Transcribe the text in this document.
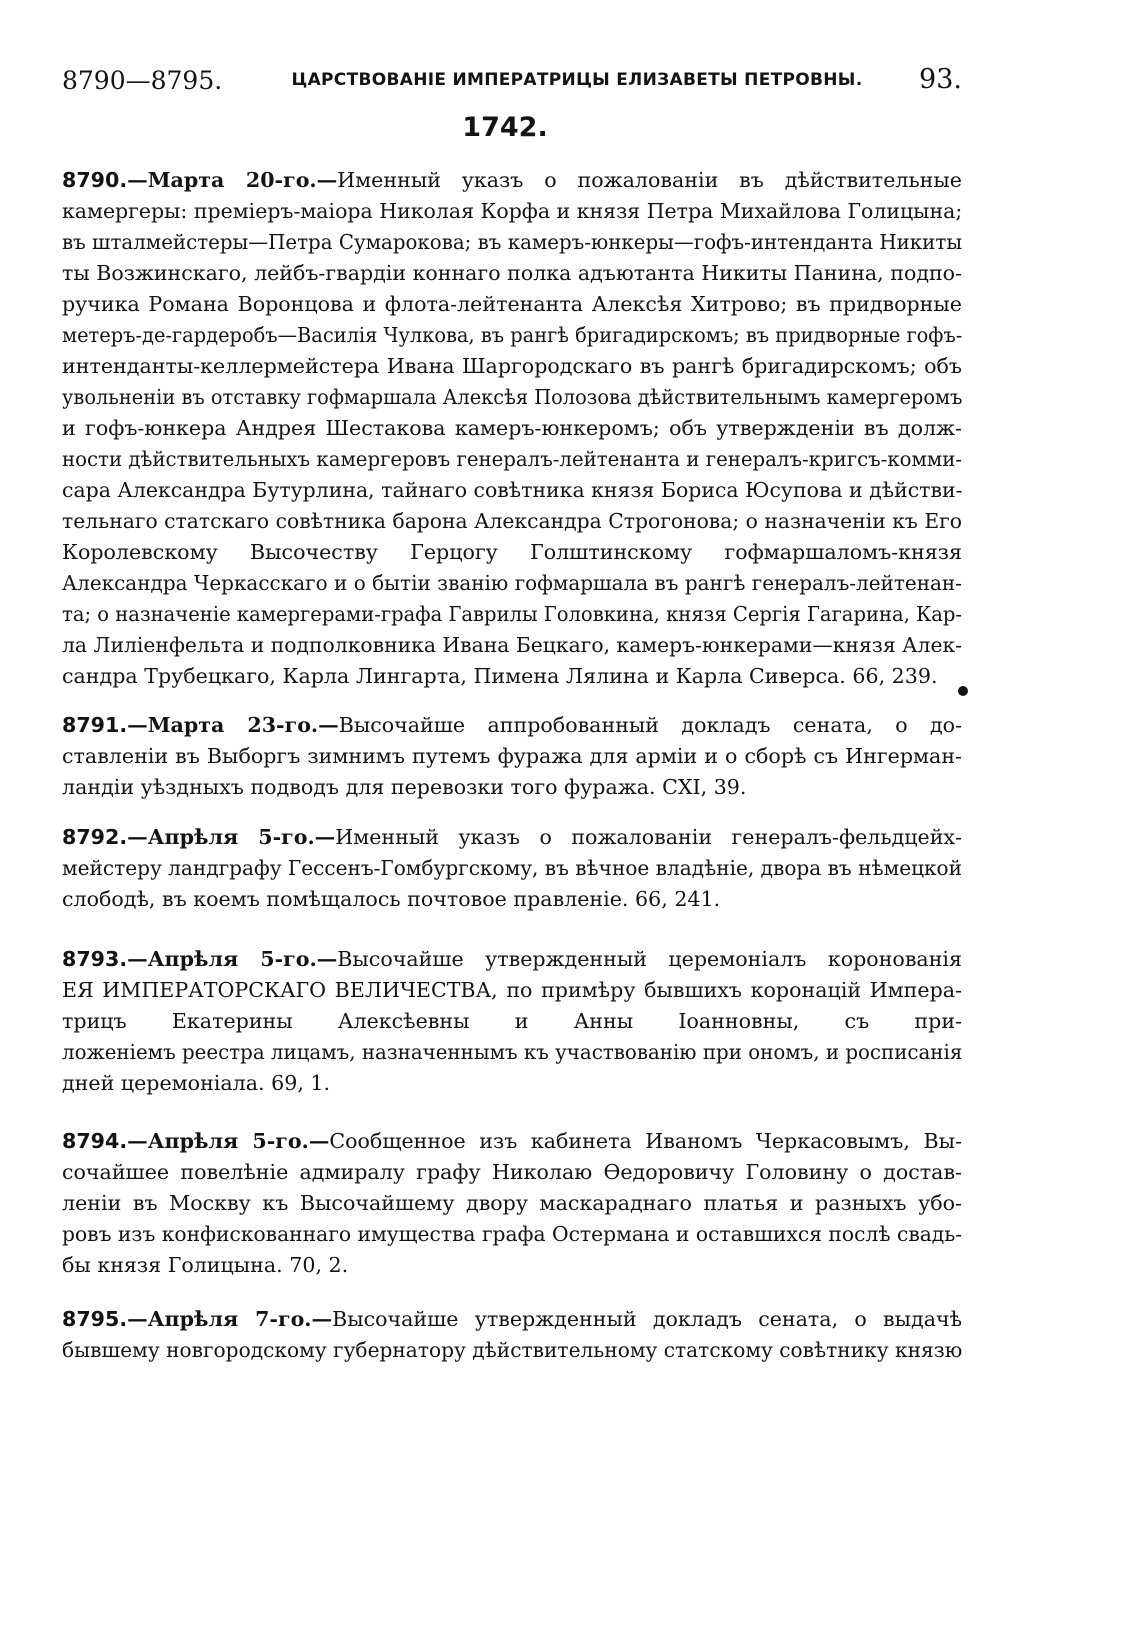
8790—8795.	ЦАРСТВОВАНІЕ ИМПЕРАТРИЦЫ ЕЛИЗАВЕТЫ ПЕТРОВНЫ.	93.
1742.
8790.—Марта 20-го.—Именный указъ о пожалованіи въ дѣйствительные
камергеры: преміеръ-маіора Николая Корфа и князя Петра Михайлова Голицына;
въ шталмейстеры—Петра Сумарокова; въ камеръ-юнкеры—гофъ-интенданта Никиты
ты Возжинскаго, лейбъ-гвардіи коннаго полка адъютанта Никиты Панина, подпо-
ручика Романа Воронцова и флота-лейтенанта Алексѣя Хитрово; въ придворные
метеръ-де-гардеробъ—Василія Чулкова, въ рангѣ бригадирскомъ; въ придворные гофъ-
интенданты-келлермейстера Ивана Шаргородскаго въ рангѣ бригадирскомъ; объ
увольненіи въ отставку гофмаршала Алексѣя Полозова дѣйствительнымъ камергеромъ
и гофъ-юнкера Андрея Шестакова камеръ-юнкеромъ; объ утвержденіи въ долж-
ности дѣйствительныхъ камергеровъ генералъ-лейтенанта и генералъ-кригсъ-комми-
сара Александра Бутурлина, тайнаго совѣтника князя Бориса Юсупова и дѣйстви-
тельнаго статскаго совѣтника барона Александра Строгонова; о назначеніи къ Его
Королевскому Высочеству Герцогу Голштинскому гофмаршаломъ-князя
Александра Черкасскаго и о бытіи званію гофмаршала въ рангѣ генералъ-лейтенан-
та; о назначеніе камергерами-графа Гаврилы Головкина, князя Сергія Гагарина, Кар-
ла Лиліенфельта и подполковника Ивана Бецкаго, камеръ-юнкерами—князя Алек-
сандра Трубецкаго, Карла Лингарта, Пимена Лялина и Карла Сиверса. 66, 239.
8791.—Марта 23-го.—Высочайше аппробованный докладъ сената, о до-
ставленіи въ Выборгъ зимнимъ путемъ фуража для арміи и о сборѣ съ Ингерман-
ландіи уѣздныхъ подводъ для перевозки того фуража. CXI, 39.
8792.—Апрѣля 5-го.—Именный указъ о пожалованіи генералъ-фельдцейх-
мейстеру ландграфу Гессенъ-Гомбургскому, въ вѣчное владѣніе, двора въ нѣмецкой
слободѣ, въ коемъ помѣщалось почтовое правленіе. 66, 241.
8793.—Апрѣля 5-го.—Высочайше утвержденный церемоніалъ коронованія
ЕЯ ИМПЕРАТОРСКАГО ВЕЛИЧЕСТВА, по примѣру бывшихъ коронацій Импера-
трицъ Екатерины Алексѣевны и Анны Іоанновны, съ при-
ложеніемъ реестра лицамъ, назначеннымъ къ участвованію при ономъ, и росписанія
дней церемоніала. 69, 1.
8794.—Апрѣля 5-го.—Сообщенное изъ кабинета Иваномъ Черкасовымъ, Вы-
сочайшее повелѣніе адмиралу графу Николаю Ѳедоровичу Головину о достав-
леніи въ Москву къ Высочайшему двору маскараднаго платья и разныхъ убо-
ровъ изъ конфискованнаго имущества графа Остермана и оставшихся послѣ свадь-
бы князя Голицына. 70, 2.
8795.—Апрѣля 7-го.—Высочайше утвержденный докладъ сената, о выдачѣ
бывшему новгородскому губернатору дѣйствительному статскому совѣтнику князю
